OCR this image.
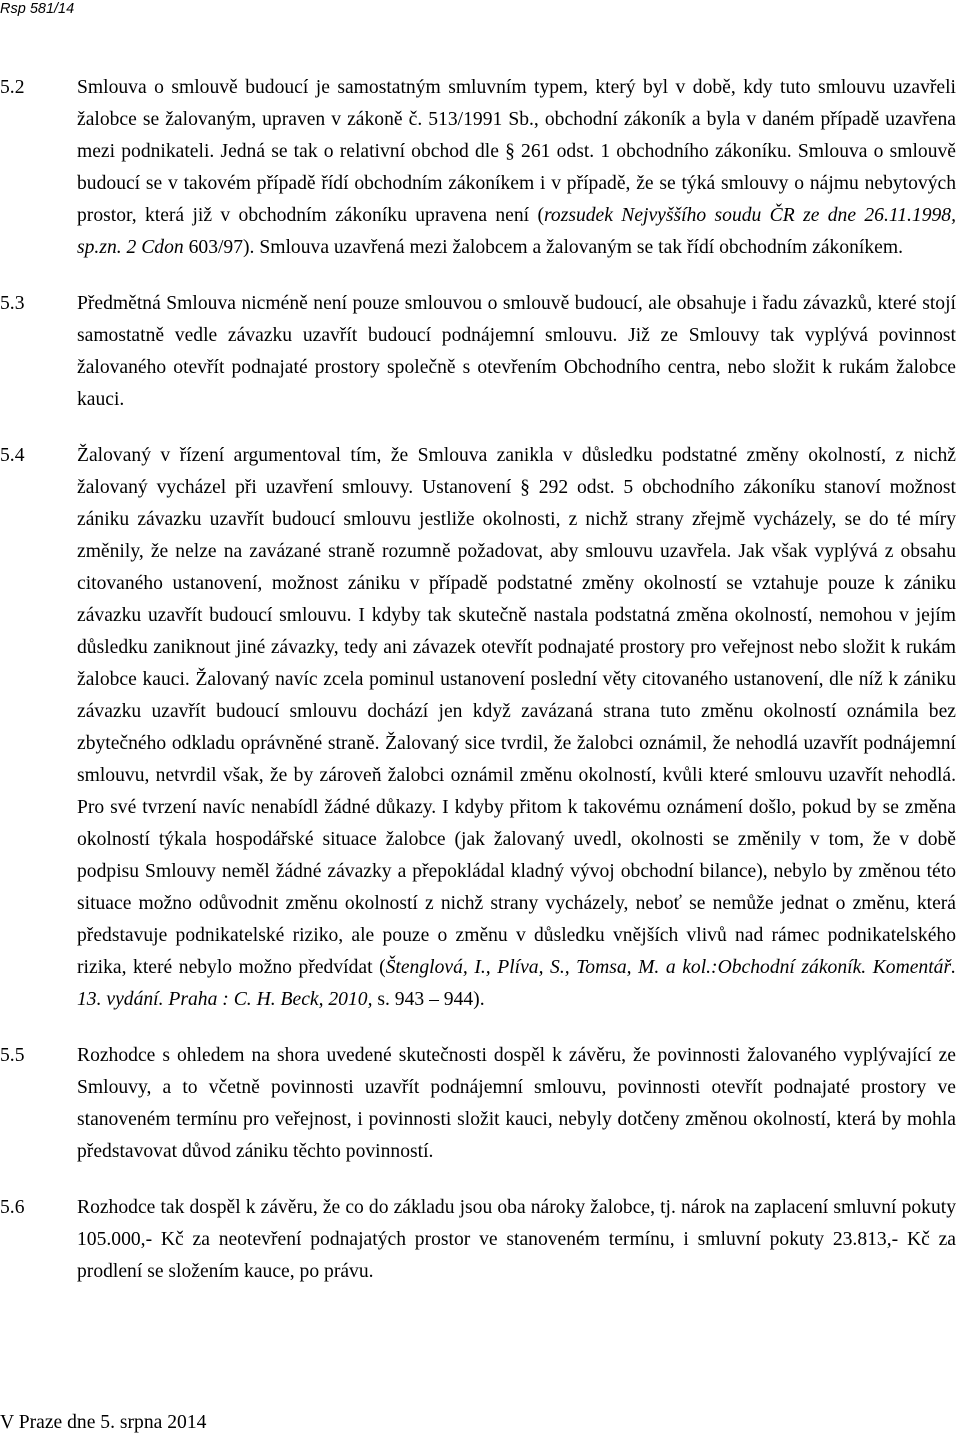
Rsp 581/14
5.2	Smlouva o smlouvě budoucí je samostatným smluvním typem, který byl v době, kdy tuto smlouvu uzavřeli žalobce se žalovaným, upraven v zákoně č. 513/1991 Sb., obchodní zákoník a byla v daném případě uzavřena mezi podnikateli. Jedná se tak o relativní obchod dle § 261 odst. 1 obchodního zákoníku. Smlouva o smlouvě budoucí se v takovém případě řídí obchodním zákoníkem i v případě, že se týká smlouvy o nájmu nebytových prostor, která již v obchodním zákoníku upravena není (rozsudek Nejvyššího soudu ČR ze dne 26.11.1998, sp.zn. 2 Cdon 603/97). Smlouva uzavřená mezi žalobcem a žalovaným se tak řídí obchodním zákoníkem.
5.3	Předmětná Smlouva nicméně není pouze smlouvou o smlouvě budoucí, ale obsahuje i řadu závazků, které stojí samostatně vedle závazku uzavřít budoucí podnájemní smlouvu. Již ze Smlouvy tak vyplývá povinnost žalovaného otevřít podnajaté prostory společně s otevřením Obchodního centra, nebo složit k rukám žalobce kauci.
5.4	Žalovaný v řízení argumentoval tím, že Smlouva zanikla v důsledku podstatné změny okolností, z nichž žalovaný vycházel při uzavření smlouvy. Ustanovení § 292 odst. 5 obchodního zákoníku stanoví možnost zániku závazku uzavřít budoucí smlouvu jestliže okolnosti, z nichž strany zřejmě vycházely, se do té míry změnily, že nelze na zavázané straně rozumně požadovat, aby smlouvu uzavřela. Jak však vyplývá z obsahu citovaného ustanovení, možnost zániku v případě podstatné změny okolností se vztahuje pouze k zániku závazku uzavřít budoucí smlouvu. I kdyby tak skutečně nastala podstatná změna okolností, nemohou v jejím důsledku zaniknout jiné závazky, tedy ani závazek otevřít podnajaté prostory pro veřejnost nebo složit k rukám žalobce kauci. Žalovaný navíc zcela pominul ustanovení poslední věty citovaného ustanovení, dle níž k zániku závazku uzavřít budoucí smlouvu dochází jen když zavázaná strana tuto změnu okolností oznámila bez zbytečného odkladu oprávněné straně. Žalovaný sice tvrdil, že žalobci oznámil, že nehodlá uzavřít podnájemní smlouvu, netvrdil však, že by zároveň žalobci oznámil změnu okolností, kvůli které smlouvu uzavřít nehodlá. Pro své tvrzení navíc nenabídl žádné důkazy. I kdyby přitom k takovému oznámení došlo, pokud by se změna okolností týkala hospodářské situace žalobce (jak žalovaný uvedl, okolnosti se změnily v tom, že v době podpisu Smlouvy neměl žádné závazky a přepokládal kladný vývoj obchodní bilance), nebylo by změnou této situace možno odůvodnit změnu okolností z nichž strany vycházely, neboť se nemůže jednat o změnu, která představuje podnikatelské riziko, ale pouze o změnu v důsledku vnějších vlivů nad rámec podnikatelského rizika, které nebylo možno předvídat (Štenglová, I., Plíva, S., Tomsa, M. a kol.:Obchodní zákoník. Komentář. 13. vydání. Praha : C. H. Beck, 2010, s. 943 – 944).
5.5	Rozhodce s ohledem na shora uvedené skutečnosti dospěl k závěru, že povinnosti žalovaného vyplývající ze Smlouvy, a to včetně povinnosti uzavřít podnájemní smlouvu, povinnosti otevřít podnajaté prostory ve stanoveném termínu pro veřejnost, i povinnosti složit kauci, nebyly dotčeny změnou okolností, která by mohla představovat důvod zániku těchto povinností.
5.6	Rozhodce tak dospěl k závěru, že co do základu jsou oba nároky žalobce, tj. nárok na zaplacení smluvní pokuty 105.000,- Kč za neotevření podnajatých prostor ve stanoveném termínu, i smluvní pokuty 23.813,- Kč za prodlení se složením kauce, po právu.
V Praze dne 5. srpna 2014
